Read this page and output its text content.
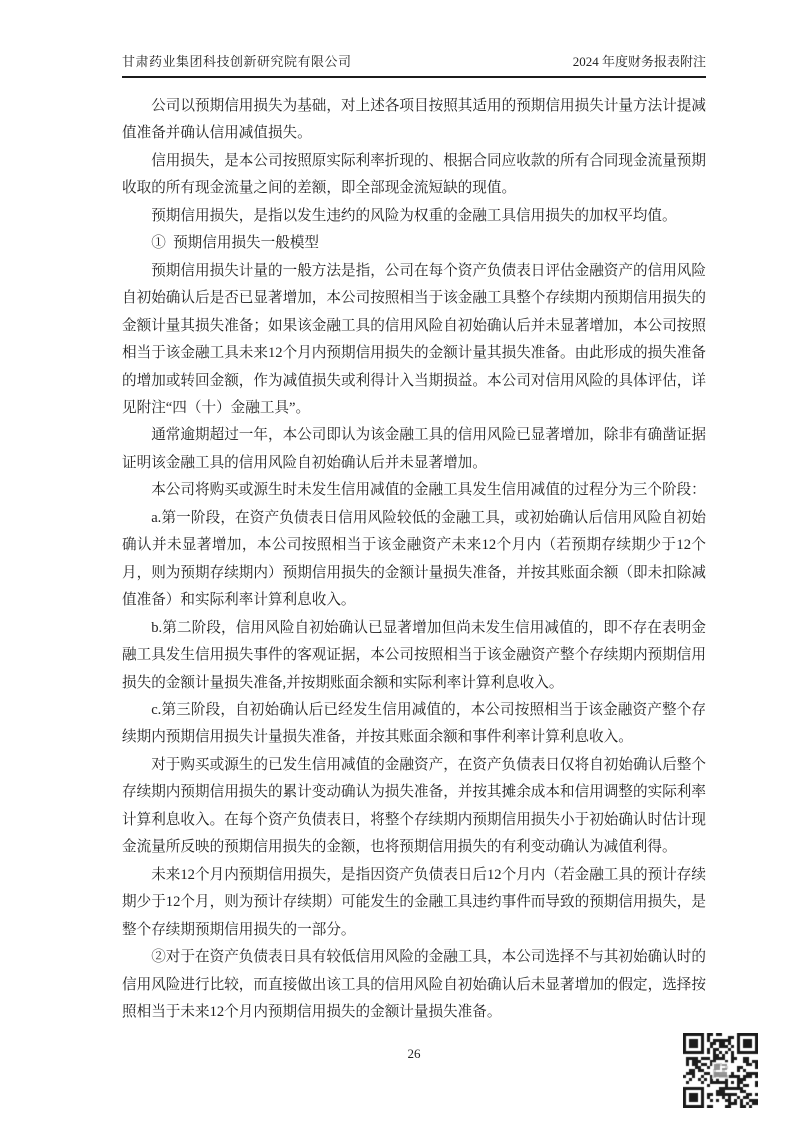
甘肃药业集团科技创新研究院有限公司	2024 年度财务报表附注

公司以预期信用损失为基础，对上述各项目按照其适用的预期信用损失计量方法计提减值准备并确认信用减值损失。

信用损失，是本公司按照原实际利率折现的、根据合同应收款的所有合同现金流量预期收取的所有现金流量之间的差额，即全部现金流短缺的现值。

预期信用损失，是指以发生违约的风险为权重的金融工具信用损失的加权平均值。

① 预期信用损失一般模型

预期信用损失计量的一般方法是指，公司在每个资产负债表日评估金融资产的信用风险自初始确认后是否已显著增加，本公司按照相当于该金融工具整个存续期内预期信用损失的金额计量其损失准备；如果该金融工具的信用风险自初始确认后并未显著增加，本公司按照相当于该金融工具未来12个月内预期信用损失的金额计量其损失准备。由此形成的损失准备的增加或转回金额，作为减值损失或利得计入当期损益。本公司对信用风险的具体评估，详见附注“四（十）金融工具”。

通常逾期超过一年，本公司即认为该金融工具的信用风险已显著增加，除非有确凿证据证明该金融工具的信用风险自初始确认后并未显著增加。

本公司将购买或源生时未发生信用减值的金融工具发生信用减值的过程分为三个阶段：

a.第一阶段，在资产负债表日信用风险较低的金融工具，或初始确认后信用风险自初始确认并未显著增加，本公司按照相当于该金融资产未来12个月内（若预期存续期少于12个月，则为预期存续期内）预期信用损失的金额计量损失准备，并按其账面余额（即未扣除减值准备）和实际利率计算利息收入。

b.第二阶段，信用风险自初始确认已显著增加但尚未发生信用减值的，即不存在表明金融工具发生信用损失事件的客观证据，本公司按照相当于该金融资产整个存续期内预期信用损失的金额计量损失准备,并按期账面余额和实际利率计算利息收入。

c.第三阶段，自初始确认后已经发生信用减值的，本公司按照相当于该金融资产整个存续期内预期信用损失计量损失准备，并按其账面余额和事件利率计算利息收入。

对于购买或源生的已发生信用减值的金融资产，在资产负债表日仅将自初始确认后整个存续期内预期信用损失的累计变动确认为损失准备，并按其摊余成本和信用调整的实际利率计算利息收入。在每个资产负债表日，将整个存续期内预期信用损失小于初始确认时估计现金流量所反映的预期信用损失的金额，也将预期信用损失的有利变动确认为减值利得。

未来12个月内预期信用损失，是指因资产负债表日后12个月内（若金融工具的预计存续期少于12个月，则为预计存续期）可能发生的金融工具违约事件而导致的预期信用损失，是整个存续期预期信用损失的一部分。

②对于在资产负债表日具有较低信用风险的金融工具，本公司选择不与其初始确认时的信用风险进行比较，而直接做出该工具的信用风险自初始确认后未显著增加的假定，选择按照相当于未来12个月内预期信用损失的金额计量损失准备。

26
